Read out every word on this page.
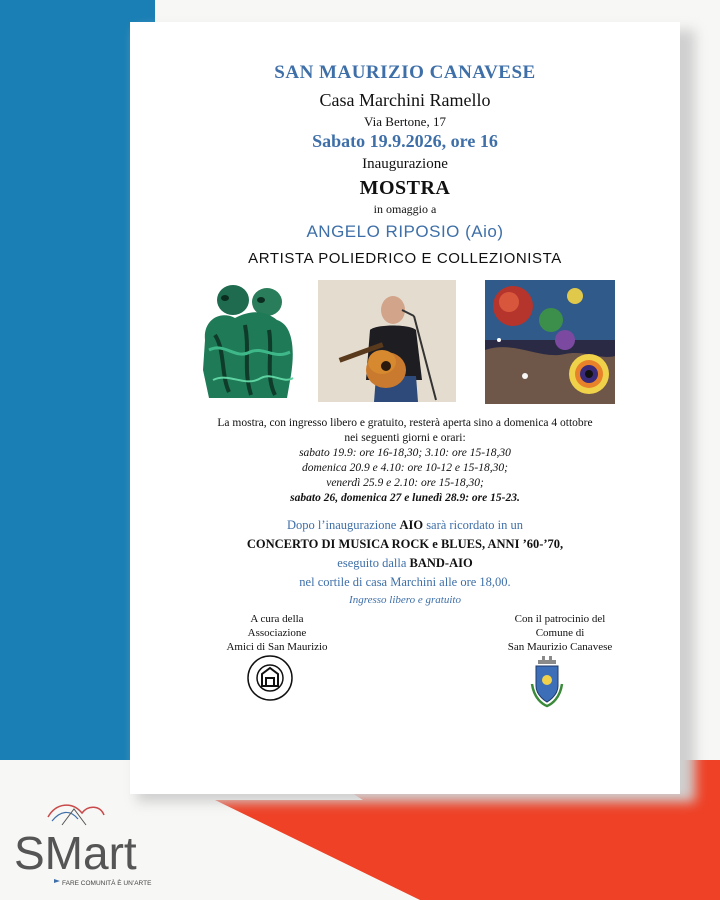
SAN MAURIZIO CANAVESE
Casa Marchini Ramello
Via Bertone, 17
Sabato 19.9.2026, ore 16
Inaugurazione
MOSTRA
in omaggio a
ANGELO RIPOSIO (Aio)
ARTISTA POLIEDRICO E COLLEZIONISTA
La mostra, con ingresso libero e gratuito, resterà aperta sino a domenica 4 ottobre
nei seguenti giorni e orari:
sabato 19.9: ore 16-18,30; 3.10: ore 15-18,30
domenica 20.9 e 4.10: ore 10-12 e 15-18,30;
venerdì 25.9 e 2.10: ore 15-18,30;
sabato 26, domenica 27 e lunedì 28.9: ore 15-23.
Dopo l’inaugurazione AIO sarà ricordato in un
CONCERTO DI MUSICA ROCK e BLUES, ANNI ’60-’70,
eseguito dalla BAND-AIO
nel cortile di casa Marchini alle ore 18,00.
Ingresso libero e gratuito
A cura della
Associazione
Amici di San Maurizio
Con il patrocinio del
Comune di
San Maurizio Canavese
SMart
FARE COMUNITÀ È UN’ARTE
